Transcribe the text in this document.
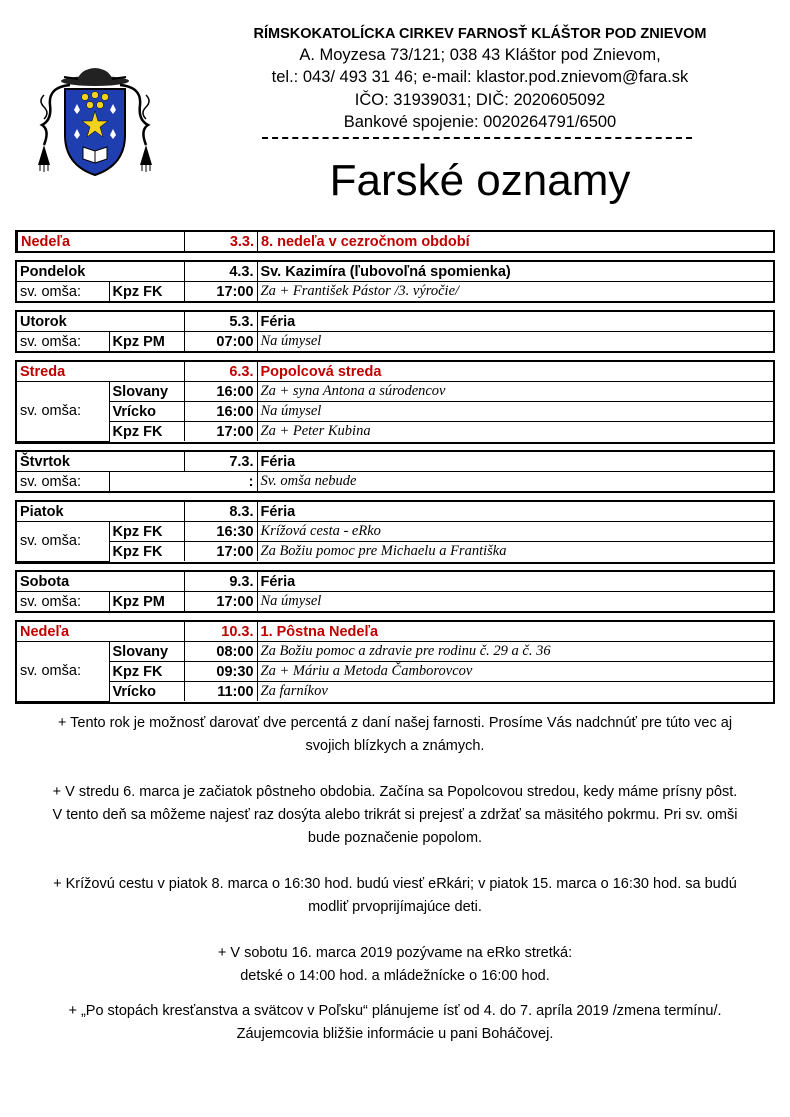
RÍMSKOKATOLÍCKA CIRKEV FARNOSŤ KLÁŠTOR POD ZNIEVOM
A. Moyzesa 73/121; 038 43 Kláštor pod Znievom,
tel.: 043/ 493 31 46; e-mail: klastor.pod.znievom@fara.sk
IČO: 31939031; DIČ: 2020605092
Bankové spojenie: 0020264791/6500
Farské oznamy
Nedeľa	3.3.	8. nedeľa v cezročnom období
Pondelok		4.3.	Sv. Kazimíra (ľubovoľná spomienka)
sv. omša:	Kpz FK	17:00	Za + František Pástor /3. výročie/
Utorok		5.3.	Féria
sv. omša:	Kpz PM	07:00	Na úmysel
Streda		6.3.	Popolcová streda
sv. omša:	Slovany	16:00	Za + syna Antona a súrodencov
	Vrícko	16:00	Na úmysel
	Kpz FK	17:00	Za + Peter Kubina
Štvrtok		7.3.	Féria
sv. omša:		:	Sv. omša nebude
Piatok		8.3.	Féria
sv. omša:	Kpz FK	16:30	Krížová cesta - eRko
	Kpz FK	17:00	Za Božiu pomoc pre Michaelu a Františka
Sobota		9.3.	Féria
sv. omša:	Kpz PM	17:00	Na úmysel
Nedeľa		10.3.	1. Pôstna Nedeľa
sv. omša:	Slovany	08:00	Za Božiu pomoc a zdravie pre rodinu č. 29 a č. 36
	Kpz FK	09:30	Za + Máriu a Metoda Čamborovcov
	Vrícko	11:00	Za farníkov

+ Tento rok je možnosť darovať dve percentá z daní našej farnosti. Prosíme Vás nadchnúť pre túto vec aj
svojich blízkych a známych.

+ V stredu 6. marca je začiatok pôstneho obdobia. Začína sa Popolcovou stredou, kedy máme prísny pôst.
V tento deň sa môžeme najesť raz dosýta alebo trikrát si prejesť a zdržať sa mäsitého pokrmu. Pri sv. omši
bude poznačenie popolom.

+ Krížovú cestu v piatok 8. marca o 16:30 hod. budú viesť eRkári; v piatok 15. marca o 16:30 hod. sa budú
modliť prvoprijímajúce deti.

+ V sobotu 16. marca 2019 pozývame na eRko stretká:
detské o 14:00 hod. a mládežnícke o 16:00 hod.

+ „Po stopách kresťanstva a svätcov v Poľsku“ plánujeme ísť od 4. do 7. apríla 2019 /zmena termínu/.
Záujemcovia bližšie informácie u pani Boháčovej.
